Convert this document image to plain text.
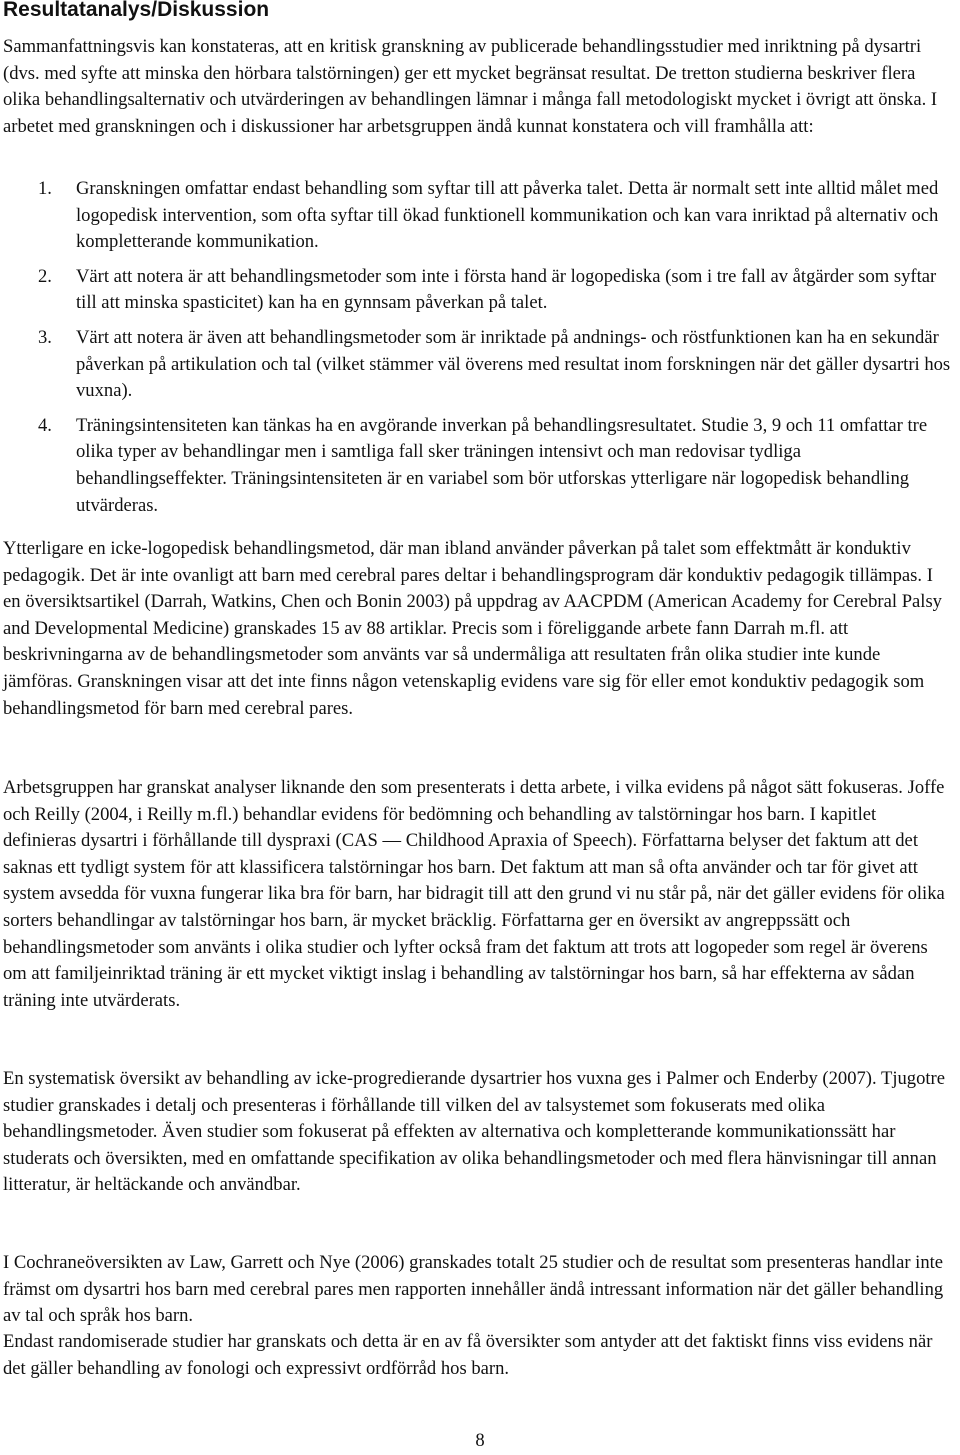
Resultatanalys/Diskussion

Sammanfattningsvis kan konstateras, att en kritisk granskning av publicerade behandlingsstudier med inriktning på dysartri (dvs. med syfte att minska den hörbara talstörningen) ger ett mycket begränsat resultat. De tretton studierna beskriver flera olika behandlingsalternativ och utvärderingen av behandlingen lämnar i många fall metodologiskt mycket i övrigt att önska. I arbetet med granskningen och i diskussioner har arbetsgruppen ändå kunnat konstatera och vill framhålla att:

1. Granskningen omfattar endast behandling som syftar till att påverka talet. Detta är normalt sett inte alltid målet med logopedisk intervention, som ofta syftar till ökad funktionell kommunikation och kan vara inriktad på alternativ och kompletterande kommunikation.
2. Värt att notera är att behandlingsmetoder som inte i första hand är logopediska (som i tre fall av åtgärder som syftar till att minska spasticitet) kan ha en gynnsam påverkan på talet.
3. Värt att notera är även att behandlingsmetoder som är inriktade på andnings- och röstfunktionen kan ha en sekundär påverkan på artikulation och tal (vilket stämmer väl överens med resultat inom forskningen när det gäller dysartri hos vuxna).
4. Träningsintensiteten kan tänkas ha en avgörande inverkan på behandlingsresultatet. Studie 3, 9 och 11 omfattar tre olika typer av behandlingar men i samtliga fall sker träningen intensivt och man redovisar tydliga behandlingseffekter. Träningsintensiteten är en variabel som bör utforskas ytterligare när logopedisk behandling utvärderas.

Ytterligare en icke-logopedisk behandlingsmetod, där man ibland använder påverkan på talet som effektmått är konduktiv pedagogik. Det är inte ovanligt att barn med cerebral pares deltar i behandlingsprogram där konduktiv pedagogik tillämpas. I en översiktsartikel (Darrah, Watkins, Chen och Bonin 2003) på uppdrag av AACPDM (American Academy for Cerebral Palsy and Developmental Medicine) granskades 15 av 88 artiklar. Precis som i föreliggande arbete fann Darrah m.fl. att beskrivningarna av de behandlingsmetoder som använts var så undermåliga att resultaten från olika studier inte kunde jämföras. Granskningen visar att det inte finns någon vetenskaplig evidens vare sig för eller emot konduktiv pedagogik som behandlingsmetod för barn med cerebral pares.

Arbetsgruppen har granskat analyser liknande den som presenterats i detta arbete, i vilka evidens på något sätt fokuseras. Joffe och Reilly (2004, i Reilly m.fl.) behandlar evidens för bedömning och behandling av talstörningar hos barn. I kapitlet definieras dysartri i förhållande till dyspraxi (CAS — Childhood Apraxia of Speech). Författarna belyser det faktum att det saknas ett tydligt system för att klassificera talstörningar hos barn. Det faktum att man så ofta använder och tar för givet att system avsedda för vuxna fungerar lika bra för barn, har bidragit till att den grund vi nu står på, när det gäller evidens för olika sorters behandlingar av talstörningar hos barn, är mycket bräcklig. Författarna ger en översikt av angreppssätt och behandlingsmetoder som använts i olika studier och lyfter också fram det faktum att trots att logopeder som regel är överens om att familjeinriktad träning är ett mycket viktigt inslag i behandling av talstörningar hos barn, så har effekterna av sådan träning inte utvärderats.

En systematisk översikt av behandling av icke-progredierande dysartrier hos vuxna ges i Palmer och Enderby (2007). Tjugotre studier granskades i detalj och presenteras i förhållande till vilken del av talsystemet som fokuserats med olika behandlingsmetoder. Även studier som fokuserat på effekten av alternativa och kompletterande kommunikationssätt har studerats och översikten, med en omfattande specifikation av olika behandlingsmetoder och med flera hänvisningar till annan litteratur, är heltäckande och användbar.

I Cochraneöversikten av Law, Garrett och Nye (2006) granskades totalt 25 studier och de resultat som presenteras handlar inte främst om dysartri hos barn med cerebral pares men rapporten innehåller ändå intressant information när det gäller behandling av tal och språk hos barn.

Endast randomiserade studier har granskats och detta är en av få översikter som antyder att det faktiskt finns viss evidens när det gäller behandling av fonologi och expressivt ordförråd hos barn.

8
